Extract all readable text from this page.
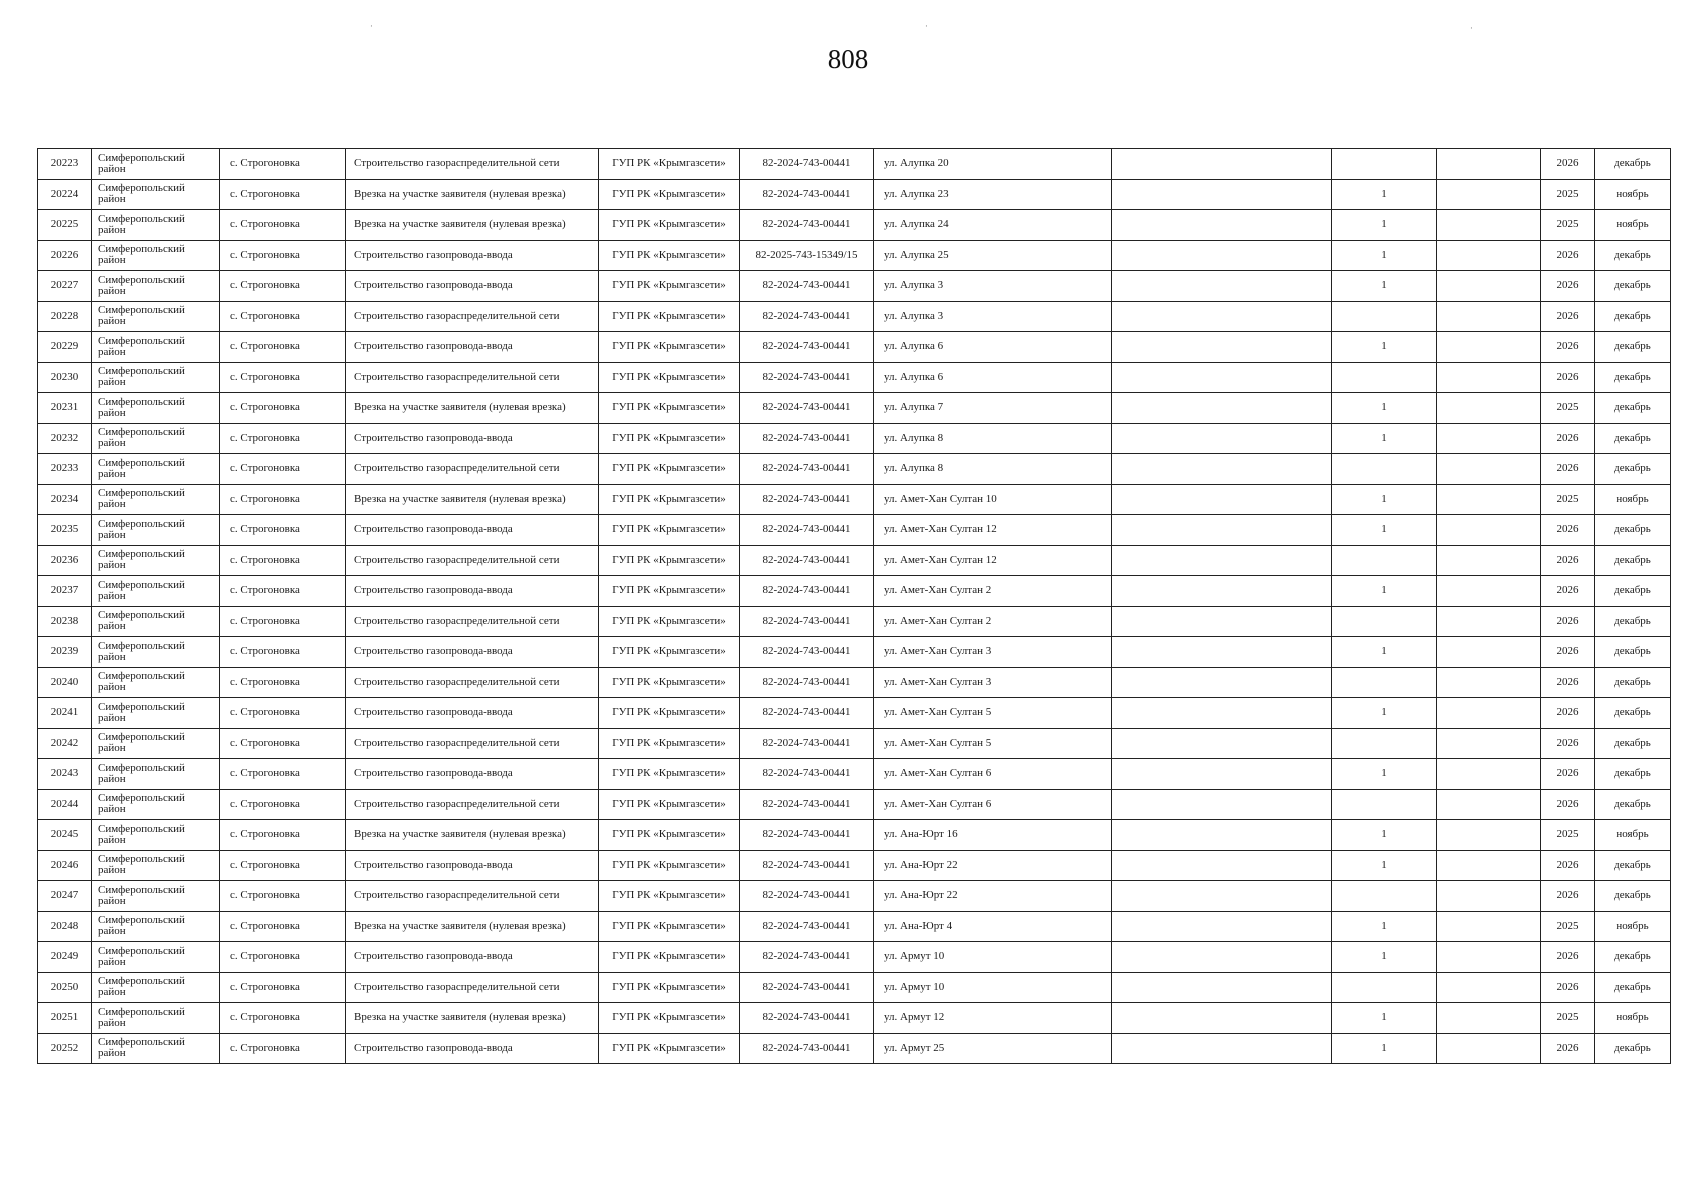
808
20223	Симферопольский район	с. Строгоновка	Строительство газораспределительной сети	ГУП РК «Крымгазсети»	82-2024-743-00441	ул. Алупка 20				2026	декабрь
20224	Симферопольский район	с. Строгоновка	Врезка на участке заявителя (нулевая врезка)	ГУП РК «Крымгазсети»	82-2024-743-00441	ул. Алупка 23		1		2025	ноябрь
20225	Симферопольский район	с. Строгоновка	Врезка на участке заявителя (нулевая врезка)	ГУП РК «Крымгазсети»	82-2024-743-00441	ул. Алупка 24		1		2025	ноябрь
20226	Симферопольский район	с. Строгоновка	Строительство газопровода-ввода	ГУП РК «Крымгазсети»	82-2025-743-15349/15	ул. Алупка 25		1		2026	декабрь
20227	Симферопольский район	с. Строгоновка	Строительство газопровода-ввода	ГУП РК «Крымгазсети»	82-2024-743-00441	ул. Алупка 3		1		2026	декабрь
20228	Симферопольский район	с. Строгоновка	Строительство газораспределительной сети	ГУП РК «Крымгазсети»	82-2024-743-00441	ул. Алупка 3				2026	декабрь
20229	Симферопольский район	с. Строгоновка	Строительство газопровода-ввода	ГУП РК «Крымгазсети»	82-2024-743-00441	ул. Алупка 6		1		2026	декабрь
20230	Симферопольский район	с. Строгоновка	Строительство газораспределительной сети	ГУП РК «Крымгазсети»	82-2024-743-00441	ул. Алупка 6				2026	декабрь
20231	Симферопольский район	с. Строгоновка	Врезка на участке заявителя (нулевая врезка)	ГУП РК «Крымгазсети»	82-2024-743-00441	ул. Алупка 7		1		2025	декабрь
20232	Симферопольский район	с. Строгоновка	Строительство газопровода-ввода	ГУП РК «Крымгазсети»	82-2024-743-00441	ул. Алупка 8		1		2026	декабрь
20233	Симферопольский район	с. Строгоновка	Строительство газораспределительной сети	ГУП РК «Крымгазсети»	82-2024-743-00441	ул. Алупка 8				2026	декабрь
20234	Симферопольский район	с. Строгоновка	Врезка на участке заявителя (нулевая врезка)	ГУП РК «Крымгазсети»	82-2024-743-00441	ул. Амет-Хан Султан 10		1		2025	ноябрь
20235	Симферопольский район	с. Строгоновка	Строительство газопровода-ввода	ГУП РК «Крымгазсети»	82-2024-743-00441	ул. Амет-Хан Султан 12		1		2026	декабрь
20236	Симферопольский район	с. Строгоновка	Строительство газораспределительной сети	ГУП РК «Крымгазсети»	82-2024-743-00441	ул. Амет-Хан Султан 12				2026	декабрь
20237	Симферопольский район	с. Строгоновка	Строительство газопровода-ввода	ГУП РК «Крымгазсети»	82-2024-743-00441	ул. Амет-Хан Султан 2		1		2026	декабрь
20238	Симферопольский район	с. Строгоновка	Строительство газораспределительной сети	ГУП РК «Крымгазсети»	82-2024-743-00441	ул. Амет-Хан Султан 2				2026	декабрь
20239	Симферопольский район	с. Строгоновка	Строительство газопровода-ввода	ГУП РК «Крымгазсети»	82-2024-743-00441	ул. Амет-Хан Султан 3		1		2026	декабрь
20240	Симферопольский район	с. Строгоновка	Строительство газораспределительной сети	ГУП РК «Крымгазсети»	82-2024-743-00441	ул. Амет-Хан Султан 3				2026	декабрь
20241	Симферопольский район	с. Строгоновка	Строительство газопровода-ввода	ГУП РК «Крымгазсети»	82-2024-743-00441	ул. Амет-Хан Султан 5		1		2026	декабрь
20242	Симферопольский район	с. Строгоновка	Строительство газораспределительной сети	ГУП РК «Крымгазсети»	82-2024-743-00441	ул. Амет-Хан Султан 5				2026	декабрь
20243	Симферопольский район	с. Строгоновка	Строительство газопровода-ввода	ГУП РК «Крымгазсети»	82-2024-743-00441	ул. Амет-Хан Султан 6		1		2026	декабрь
20244	Симферопольский район	с. Строгоновка	Строительство газораспределительной сети	ГУП РК «Крымгазсети»	82-2024-743-00441	ул. Амет-Хан Султан 6				2026	декабрь
20245	Симферопольский район	с. Строгоновка	Врезка на участке заявителя (нулевая врезка)	ГУП РК «Крымгазсети»	82-2024-743-00441	ул. Ана-Юрт 16		1		2025	ноябрь
20246	Симферопольский район	с. Строгоновка	Строительство газопровода-ввода	ГУП РК «Крымгазсети»	82-2024-743-00441	ул. Ана-Юрт 22		1		2026	декабрь
20247	Симферопольский район	с. Строгоновка	Строительство газораспределительной сети	ГУП РК «Крымгазсети»	82-2024-743-00441	ул. Ана-Юрт 22				2026	декабрь
20248	Симферопольский район	с. Строгоновка	Врезка на участке заявителя (нулевая врезка)	ГУП РК «Крымгазсети»	82-2024-743-00441	ул. Ана-Юрт 4		1		2025	ноябрь
20249	Симферопольский район	с. Строгоновка	Строительство газопровода-ввода	ГУП РК «Крымгазсети»	82-2024-743-00441	ул. Армут 10		1		2026	декабрь
20250	Симферопольский район	с. Строгоновка	Строительство газораспределительной сети	ГУП РК «Крымгазсети»	82-2024-743-00441	ул. Армут 10				2026	декабрь
20251	Симферопольский район	с. Строгоновка	Врезка на участке заявителя (нулевая врезка)	ГУП РК «Крымгазсети»	82-2024-743-00441	ул. Армут 12		1		2025	ноябрь
20252	Симферопольский район	с. Строгоновка	Строительство газопровода-ввода	ГУП РК «Крымгазсети»	82-2024-743-00441	ул. Армут 25		1		2026	декабрь
·	·	·
